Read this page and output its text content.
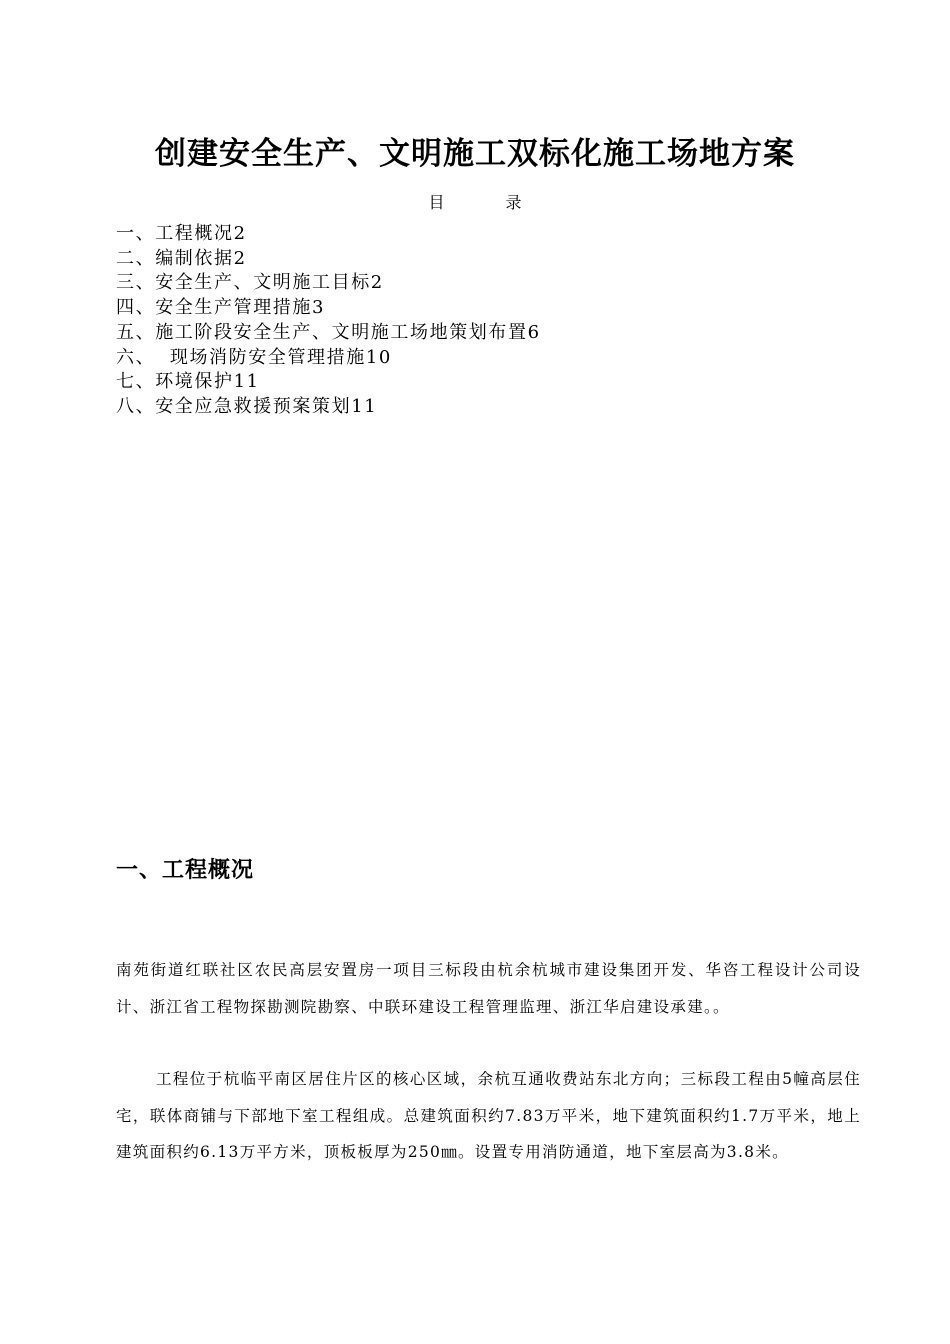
创建安全生产、文明施工双标化施工场地方案
目 录
一、工程概况2
二、编制依据2
三、安全生产、文明施工目标2
四、安全生产管理措施3
五、施工阶段安全生产、文明施工场地策划布置6
六、  现场消防安全管理措施10
七、环境保护11
八、安全应急救援预案策划11
一、工程概况

南苑街道红联社区农民高层安置房一项目三标段由杭余杭城市建设集团开发、华咨工程设计公司设计、浙江省工程物探勘测院勘察、中联环建设工程管理监理、浙江华启建设承建。。

工程位于杭临平南区居住片区的核心区域，余杭互通收费站东北方向；三标段工程由5幢高层住宅，联体商铺与下部地下室工程组成。总建筑面积约7.83万平米，地下建筑面积约1.7万平米，地上建筑面积约6.13万平方米，顶板板厚为250㎜。设置专用消防通道，地下室层高为3.8米。
